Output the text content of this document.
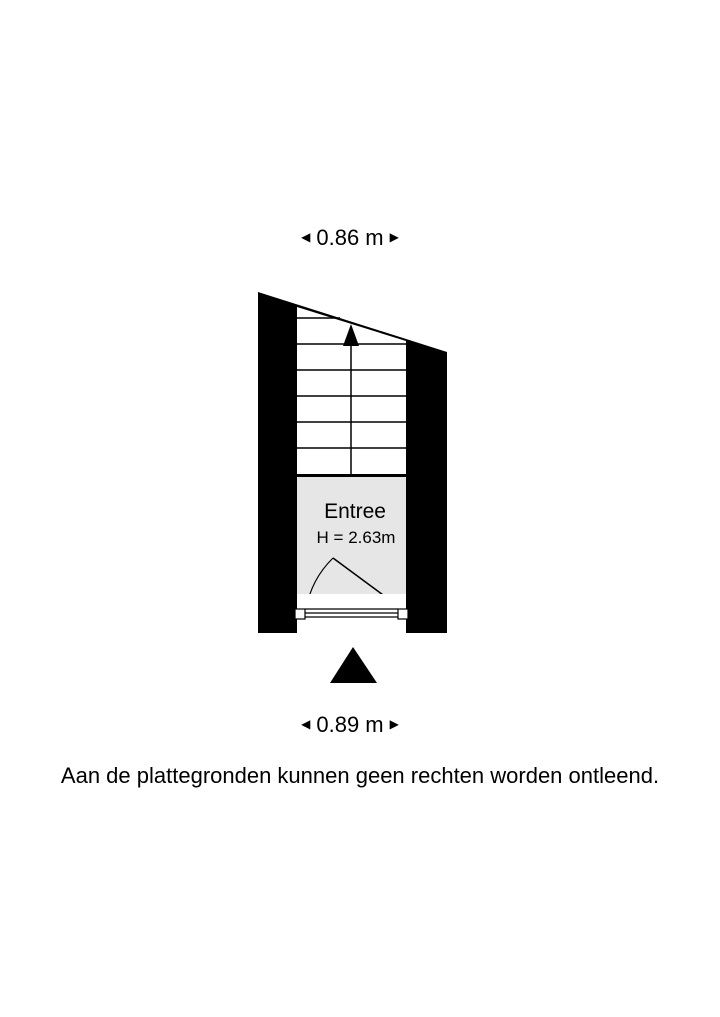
◀ 0.86 m ▶
Entree
H = 2.63m
◀ 0.89 m ▶
Aan de plattegronden kunnen geen rechten worden ontleend.
